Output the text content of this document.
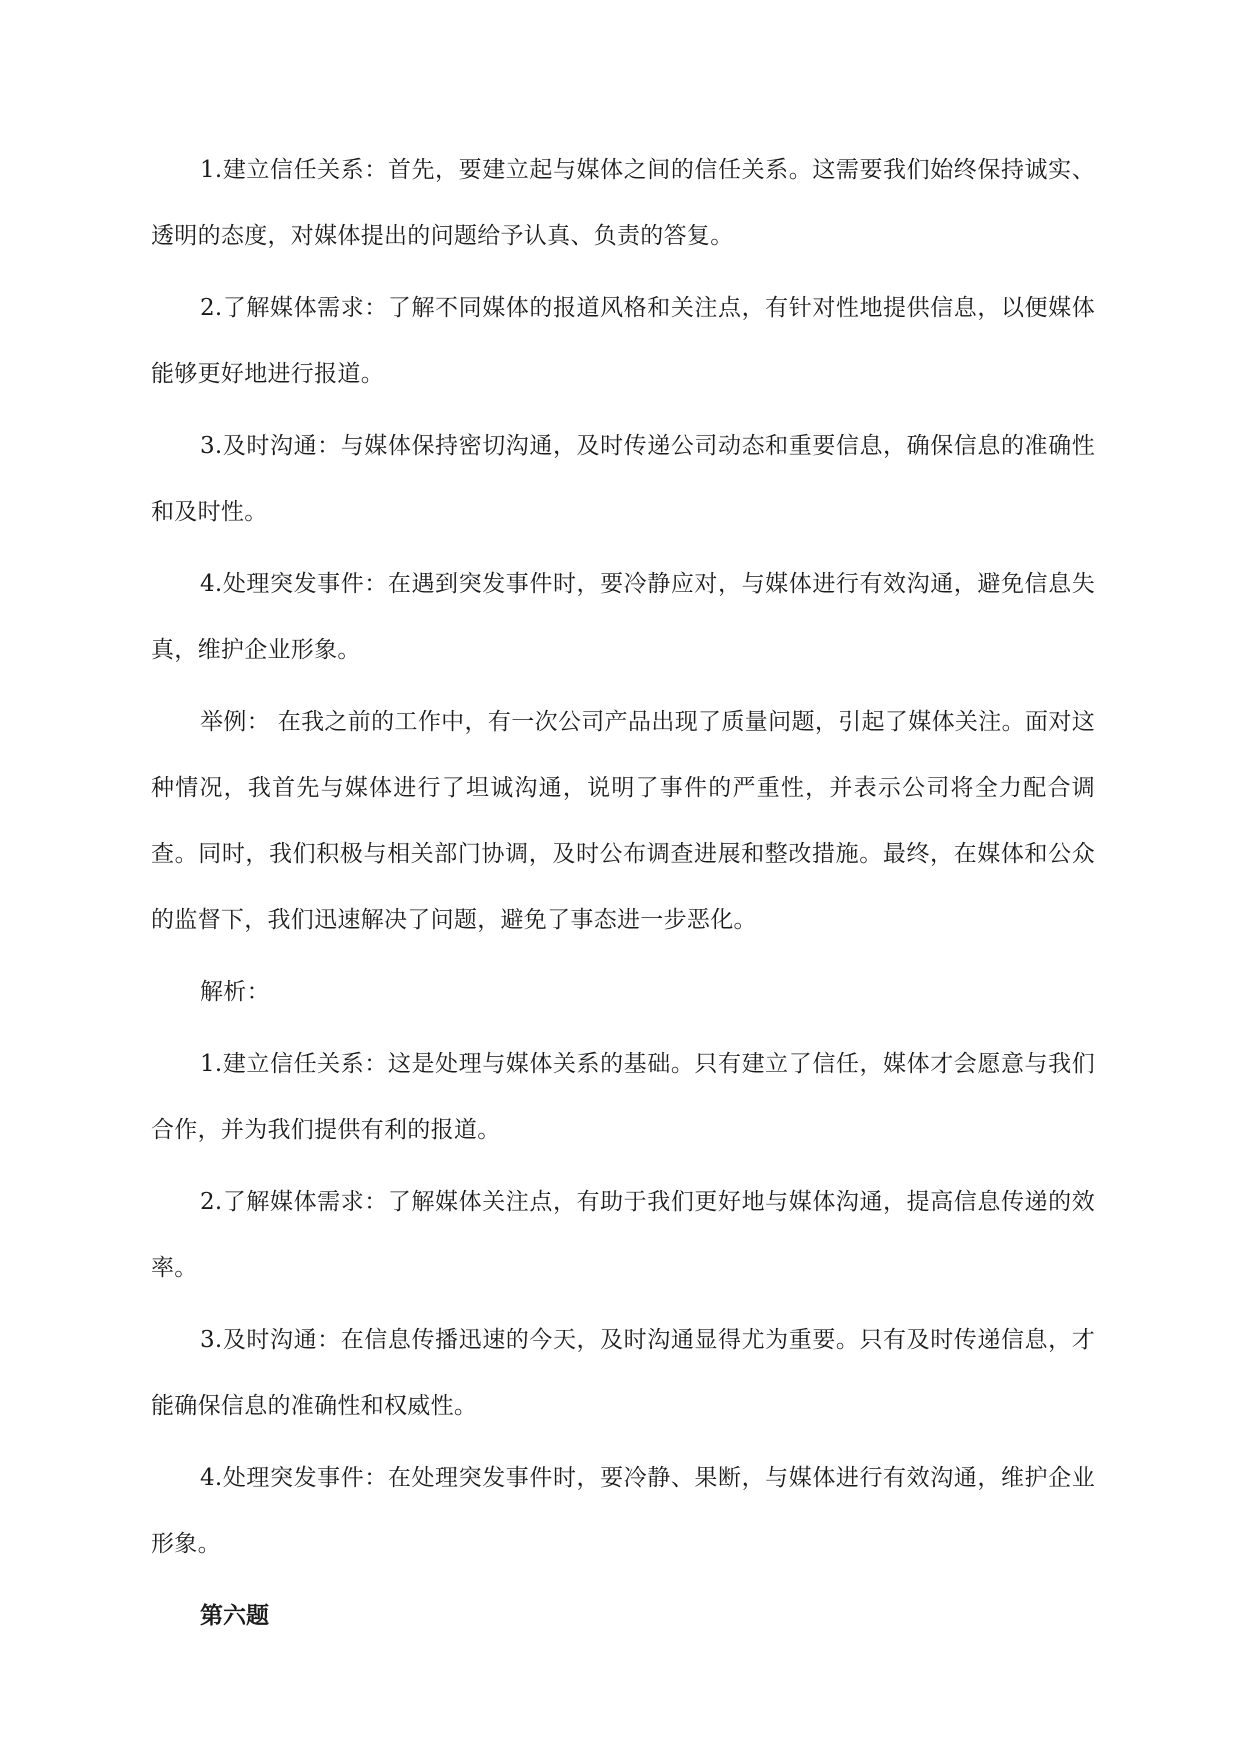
1.建立信任关系：首先，要建立起与媒体之间的信任关系。这需要我们始终保持诚实、透明的态度，对媒体提出的问题给予认真、负责的答复。

2.了解媒体需求：了解不同媒体的报道风格和关注点，有针对性地提供信息，以便媒体能够更好地进行报道。

3.及时沟通：与媒体保持密切沟通，及时传递公司动态和重要信息，确保信息的准确性和及时性。

4.处理突发事件：在遇到突发事件时，要冷静应对，与媒体进行有效沟通，避免信息失真，维护企业形象。

举例： 在我之前的工作中，有一次公司产品出现了质量问题，引起了媒体关注。面对这种情况，我首先与媒体进行了坦诚沟通，说明了事件的严重性，并表示公司将全力配合调查。同时，我们积极与相关部门协调，及时公布调查进展和整改措施。最终，在媒体和公众的监督下，我们迅速解决了问题，避免了事态进一步恶化。

解析：

1.建立信任关系：这是处理与媒体关系的基础。只有建立了信任，媒体才会愿意与我们合作，并为我们提供有利的报道。

2.了解媒体需求：了解媒体关注点，有助于我们更好地与媒体沟通，提高信息传递的效率。

3.及时沟通：在信息传播迅速的今天，及时沟通显得尤为重要。只有及时传递信息，才能确保信息的准确性和权威性。

4.处理突发事件：在处理突发事件时，要冷静、果断，与媒体进行有效沟通，维护企业形象。

第六题
